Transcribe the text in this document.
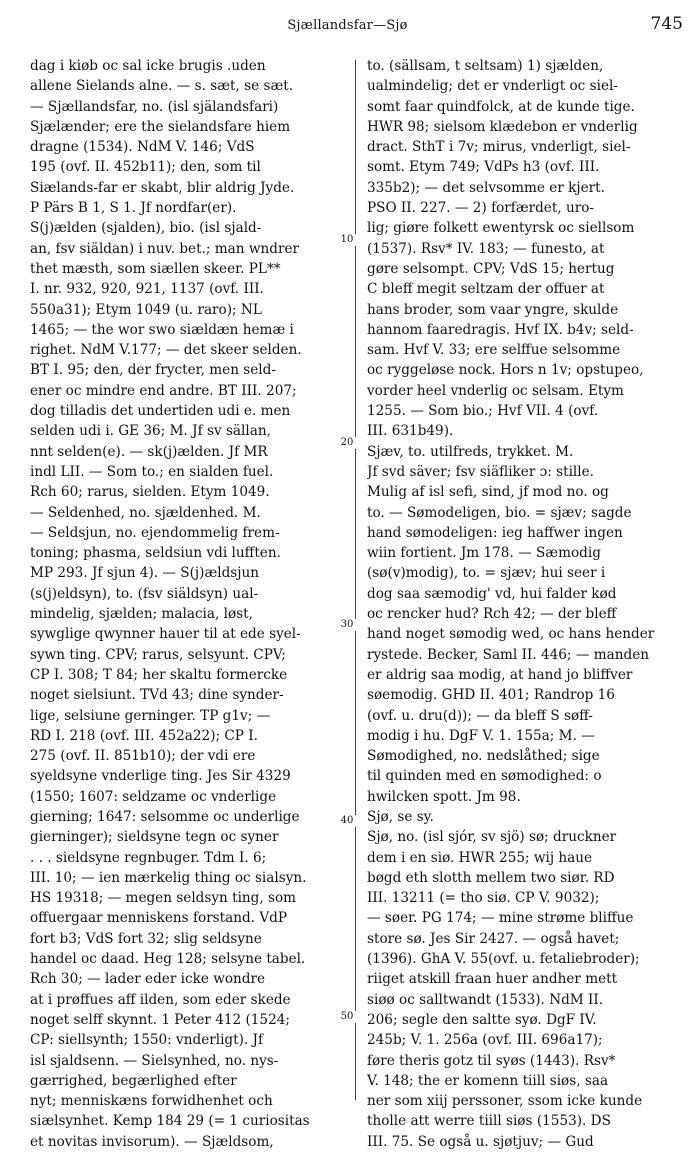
Sjællandsfar—Sjø	745

dag i kiøb oc sal icke brugis .uden

allene Sielands alne. — s. sæt, se sæt.

— Sjællandsfar, no. (isl själandsfari)

Sjælænder; ere the sielandsfare hiem

dragne (1534). NdM V. 146; VdS

195 (ovf. II. 452b11); den, som til

Siælands-far er skabt, blir aldrig Jyde.

P Pärs B 1, S 1. Jf nordfar(er).

S(j)ælden (sjalden), bio. (isl sjald-

an, fsv siäldan) i nuv. bet.; man wndrer

thet mæsth, som siællen skeer. PL**

I. nr. 932, 920, 921, 1137 (ovf. III.

550a31); Etym 1049 (u. raro); NL

1465; — the wor swo siældæn hemæ i

righet. NdM V.177; — det skeer selden.

BT I. 95; den, der frycter, men seld-

ener oc mindre end andre. BT III. 207;

dog tilladis det undertiden udi e. men

selden udi i. GE 36; M. Jf sv sällan,

nnt selden(e). — sk(j)ælden. Jf MR

indl LII. — Som to.; en sialden fuel.

Rch 60; rarus, sielden. Etym 1049.

— Seldenhed, no. sjældenhed. M.

— Seldsjun, no. ejendommelig frem-

toning; phasma, seldsiun vdi lufften.

MP 293. Jf sjun 4). — S(j)ældsjun

(s(j)eldsyn), to. (fsv siäldsyn) ual-

mindelig, sjælden; malacia, løst,

sywglige qwynner hauer til at ede syel-

sywn ting. CPV; rarus, selsyunt. CPV;

CP I. 308; T 84; her skaltu formercke

noget sielsiunt. TVd 43; dine synder-

lige, selsiune gerninger. TP g1v; —

RD I. 218 (ovf. III. 452a22); CP I.

275 (ovf. II. 851b10); der vdi ere

syeldsyne vnderlige ting. Jes Sir 4329

(1550; 1607: seldzame oc vnderlige

gierning; 1647: selsomme oc underlige

gierninger); sieldsyne tegn oc syner

. . . sieldsyne regnbuger. Tdm I. 6;

III. 10; — ien mærkelig thing oc sialsyn.

HS 19318; — megen seldsyn ting, som

offuergaar menniskens forstand. VdP

fort b3; VdS fort 32; slig seldsyne

handel oc daad. Heg 128; selsyne tabel.

Rch 30; — lader eder icke wondre

at i prøffues aff ilden, som eder skede

noget selff skynnt. 1 Peter 412 (1524;

CP: siellsynth; 1550: vnderligt). Jf

isl sjaldsenn. — Sielsynhed, no. nys-

gærrighed, begærlighed efter

nyt; menniskæns forwidhenhet och

siælsynhet. Kemp 184 29 (= 1 curiositas

et novitas invisorum). — Sjældsom,

to. (sällsam, t seltsam) 1) sjælden,

ualmindelig; det er vnderligt oc siel-

somt faar quindfolck, at de kunde tige.

HWR 98; sielsom klædebon er vnderlig

dract. SthT i 7v; mirus, vnderligt, siel-

somt. Etym 749; VdPs h3 (ovf. III.

335b2); — det selvsomme er kjert.

PSO II. 227. — 2) forfærdet, uro-

lig; giøre folkett ewentyrsk oc siellsom

(1537). Rsv* IV. 183; — funesto, at

gøre selsompt. CPV; VdS 15; hertug

C bleff megit seltzam der offuer at

hans broder, som vaar yngre, skulde

hannom faaredragis. Hvf IX. b4v; seld-

sam. Hvf V. 33; ere selffue selsomme

oc ryggeløse nock. Hors n 1v; opstupeo,

vorder heel vnderlig oc selsam. Etym

1255. — Som bio.; Hvf VII. 4 (ovf.

III. 631b49).

Sjæv, to. utilfreds, trykket. M.

Jf svd säver; fsv siäfliker ɔ: stille.

Mulig af isl sefi, sind, jf mod no. og

to. — Sømodeligen, bio. = sjæv; sagde

hand sømodeligen: ieg haffwer ingen

wiin fortient. Jm 178. — Sæmodig

(sø(v)modig), to. = sjæv; hui seer i

dog saa sæmodig' vd, hui falder kød

oc rencker hud? Rch 42; — der bleff

hand noget sømodig wed, oc hans hender

rystede. Becker, Saml II. 446; — manden

er aldrig saa modig, at hand jo bliffver

søemodig. GHD II. 401; Randrop 16

(ovf. u. dru(d)); — da bleff S søff-

modig i hu. DgF V. 1. 155a; M. —

Sømodighed, no. nedslåthed; sige

til quinden med en sømodighed: o

hwilcken spott. Jm 98.

Sjø, se sy.

Sjø, no. (isl sjór, sv sjö) sø; druckner

dem i en siø. HWR 255; wij haue

bøgd eth slotth mellem two siør. RD

III. 13211 (= tho siø. CP V. 9032);

— søer. PG 174; — mine strøme bliffue

store sø. Jes Sir 2427. — også havet;

(1396). GhA V. 55(ovf. u. fetaliebroder);

riiget atskill fraan huer andher mett

siøø oc salltwandt (1533). NdM II.

206; segle den saltte syø. DgF IV.

245b; V. 1. 256a (ovf. III. 696a17);

føre theris gotz til syøs (1443). Rsv*

V. 148; the er komenn tiill siøs, saa

ner som xiij perssoner, ssom icke kunde

tholle att werre tiill siøs (1553). DS

III. 75. Se også u. sjøtjuv; — Gud

10
20
30
40
50
